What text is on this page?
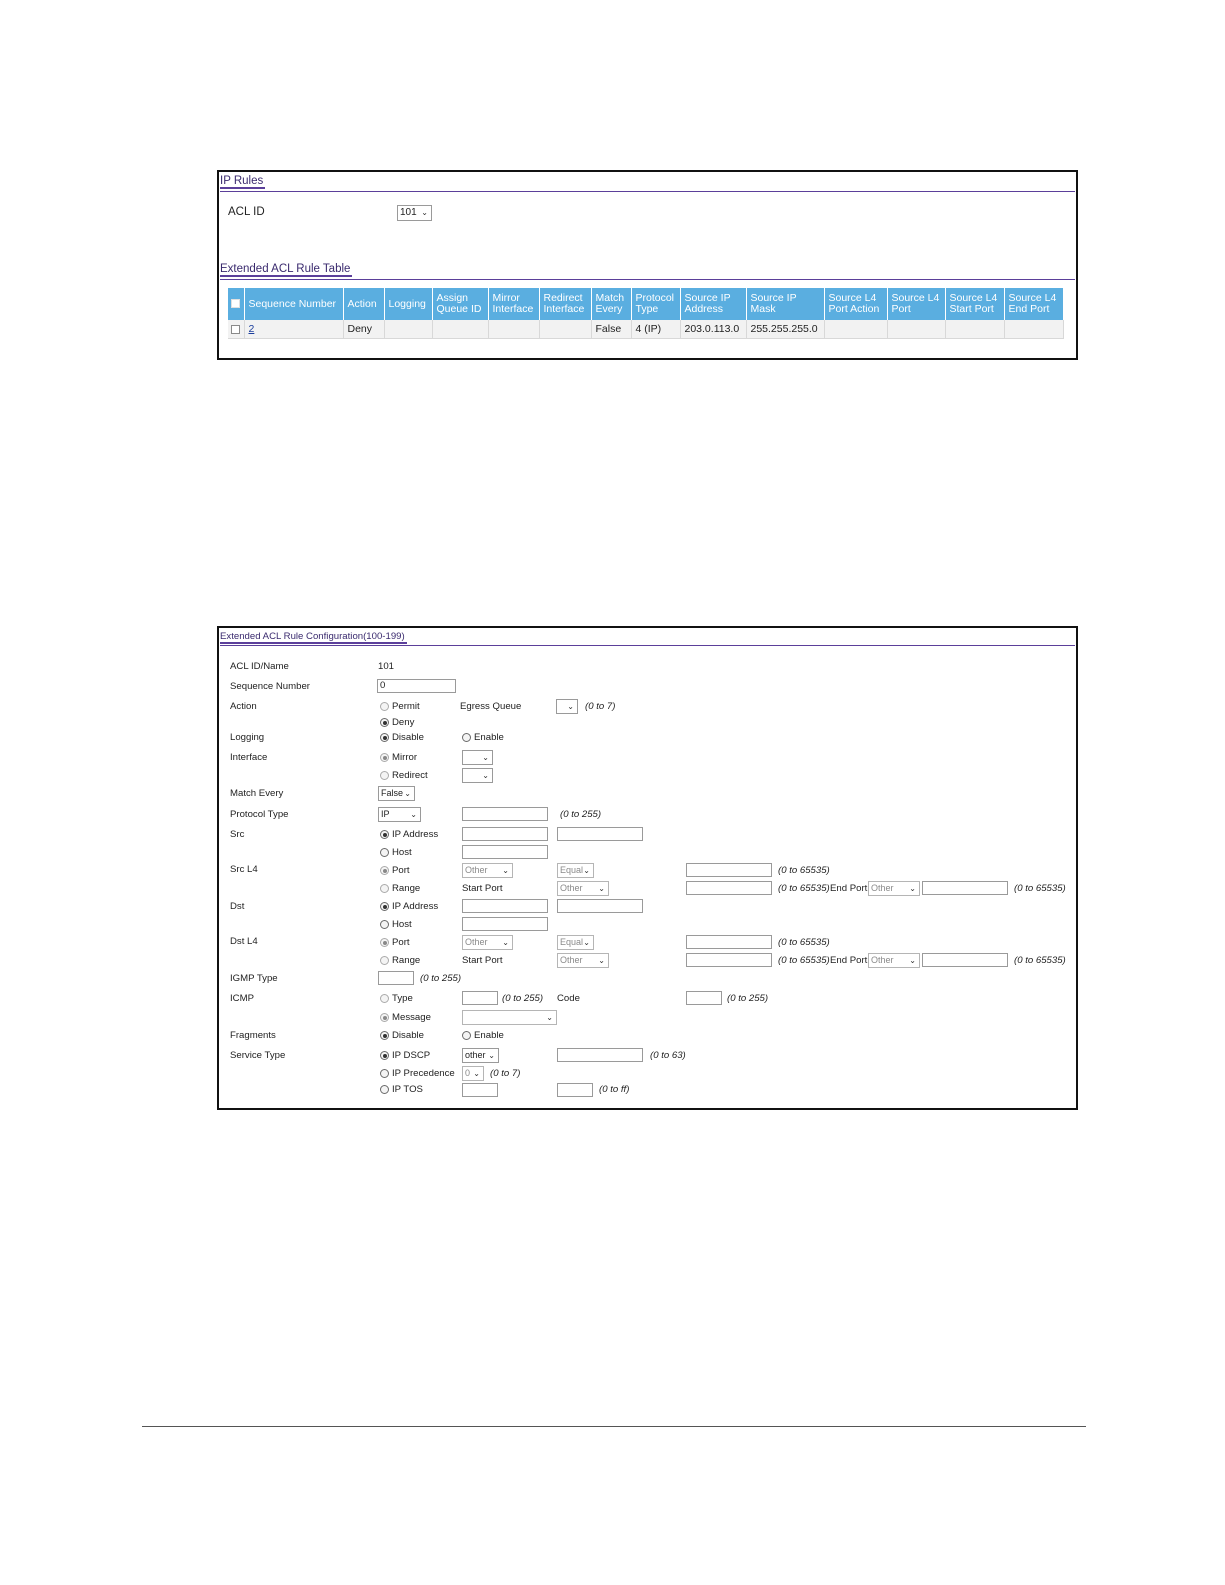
IP Rules
ACL ID	101 ⌄
Extended ACL Rule Table
	Sequence Number	Action	Logging	Assign Queue ID	Mirror Interface	Redirect Interface	Match Every	Protocol Type	Source IP Address	Source IP Mask	Source L4 Port Action	Source L4 Port	Source L4 Start Port	Source L4 End Port
	2	Deny					False	4 (IP)	203.0.113.0	255.255.255.0				
Extended ACL Rule Configuration(100-199)
ACL ID/Name	101
Sequence Number	0
Action	Permit	Egress Queue	⌄ (0 to 7)
Deny
Logging	Disable	Enable
Interface	Mirror	⌄
Redirect	⌄
Match Every	False ⌄
Protocol Type	IP	⌄	(0 to 255)
Src	IP Address
Host
Src L4	Port	Other ⌄	Equal ⌄	(0 to 65535)
Range	Start Port	Other ⌄	(0 to 65535) End Port Other ⌄	(0 to 65535)
Dst	IP Address
Host
Dst L4	Port	Other ⌄	Equal ⌄	(0 to 65535)
Range	Start Port	Other ⌄	(0 to 65535) End Port Other ⌄	(0 to 65535)
IGMP Type	(0 to 255)
ICMP	Type	(0 to 255) Code	(0 to 255)
Message	⌄
Fragments	Disable	Enable
Service Type	IP DSCP	other ⌄	(0 to 63)
IP Precedence	0 ⌄ (0 to 7)
IP TOS	(0 to ff)
